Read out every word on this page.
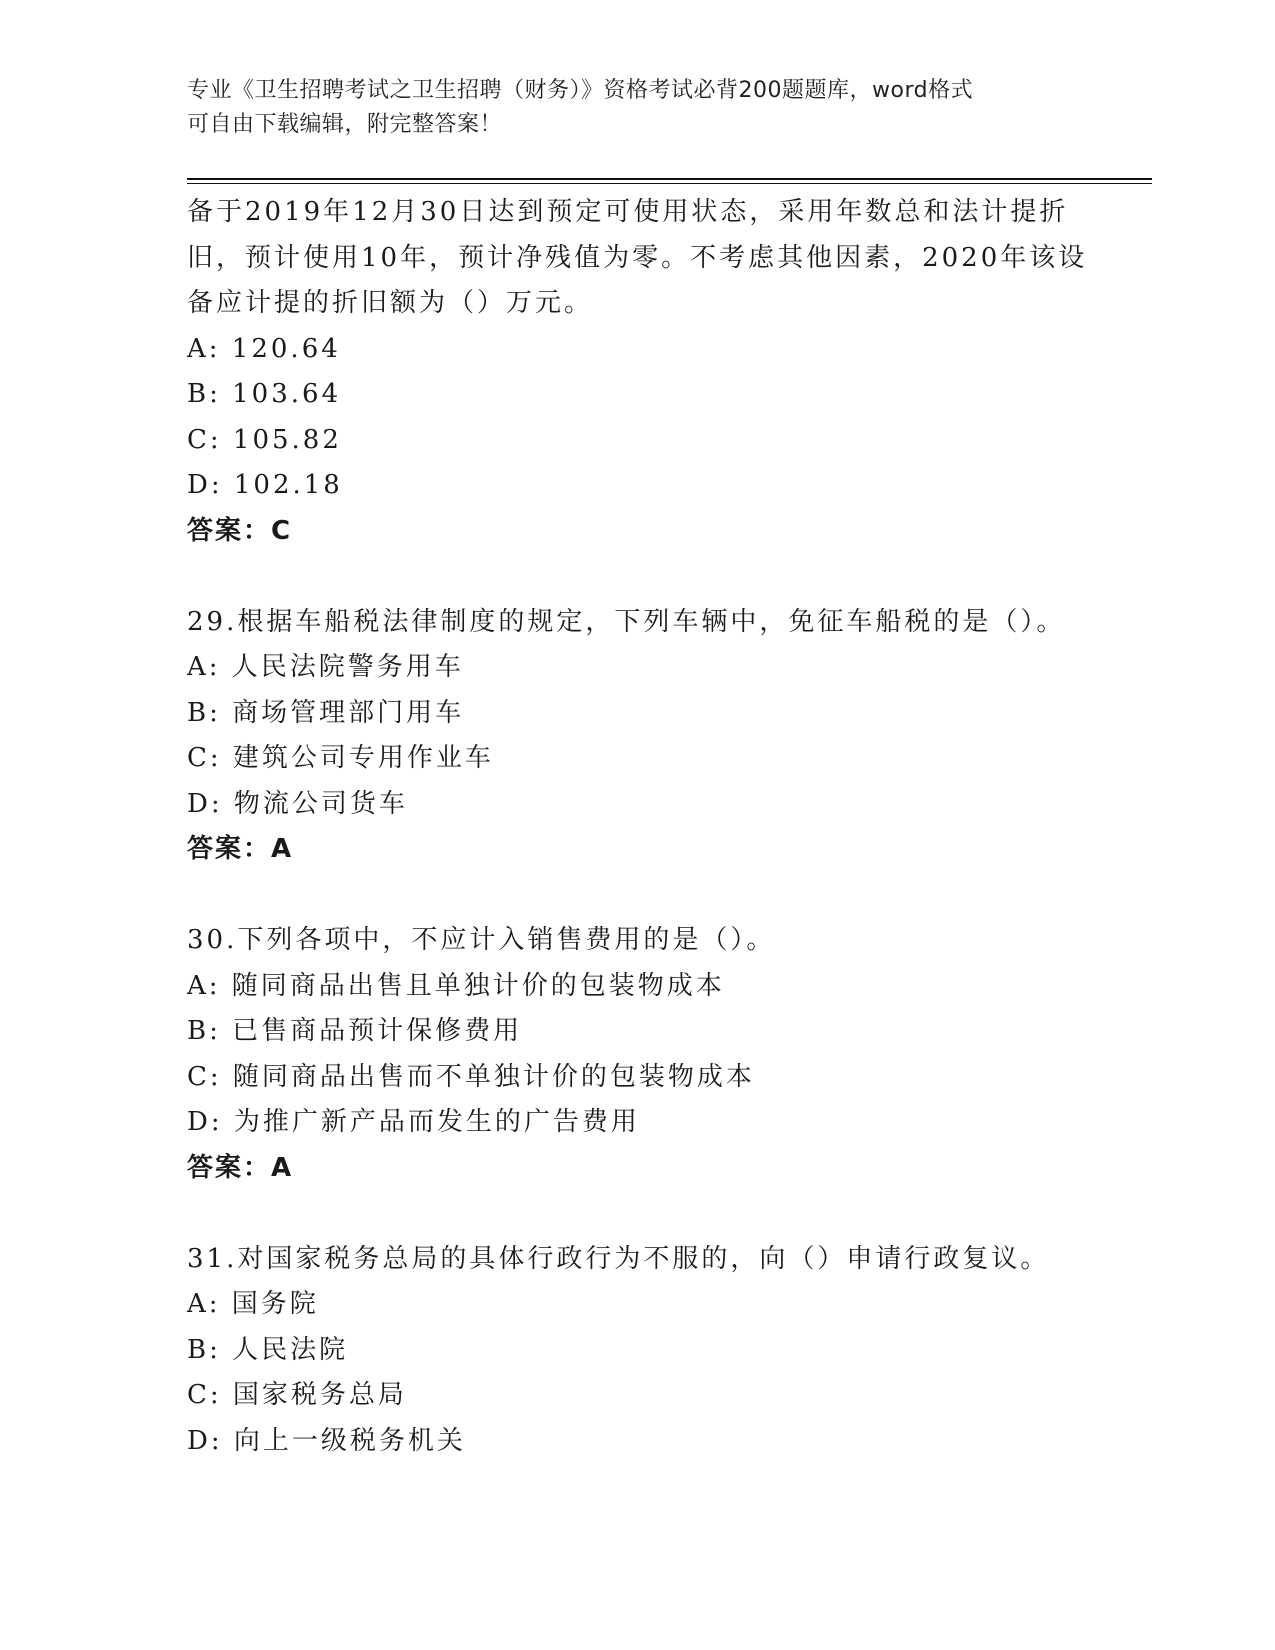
专业《卫生招聘考试之卫生招聘（财务）》资格考试必背200题题库，word格式
可自由下载编辑，附完整答案！
备于2019年12月30日达到预定可使用状态，采用年数总和法计提折
旧，预计使用10年，预计净残值为零。不考虑其他因素，2020年该设
备应计提的折旧额为（）万元。
A: 120.64
B: 103.64
C: 105.82
D: 102.18
答案：C
29.根据车船税法律制度的规定，下列车辆中，免征车船税的是（）。
A: 人民法院警务用车
B: 商场管理部门用车
C: 建筑公司专用作业车
D: 物流公司货车
答案：A
30.下列各项中，不应计入销售费用的是（）。
A: 随同商品出售且单独计价的包装物成本
B: 已售商品预计保修费用
C: 随同商品出售而不单独计价的包装物成本
D: 为推广新产品而发生的广告费用
答案：A
31.对国家税务总局的具体行政行为不服的，向（）申请行政复议。
A: 国务院
B: 人民法院
C: 国家税务总局
D: 向上一级税务机关
